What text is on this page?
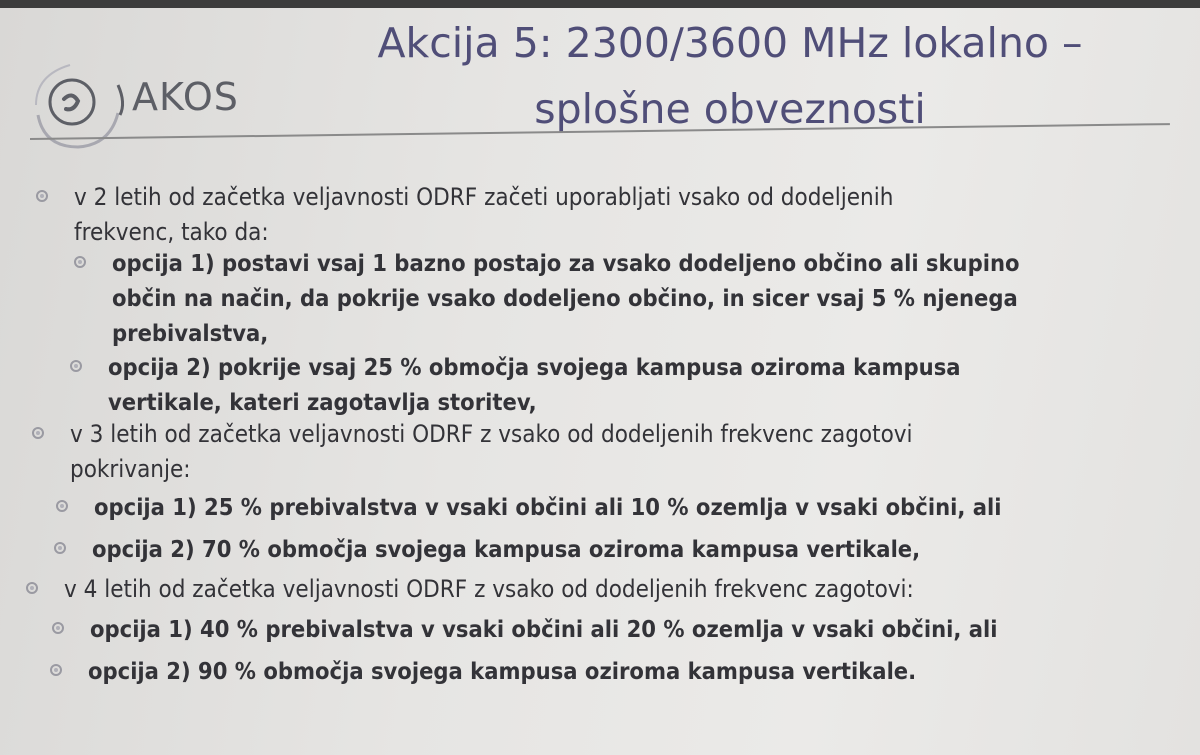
AKOS
Akcija 5: 2300/3600 MHz lokalno –
splošne obveznosti
v 2 letih od začetka veljavnosti ODRF začeti uporabljati vsako od dodeljenih
frekvenc, tako da:
opcija 1) postavi vsaj 1 bazno postajo za vsako dodeljeno občino ali skupino
občin na način, da pokrije vsako dodeljeno občino, in sicer vsaj 5 % njenega
prebivalstva,
opcija 2) pokrije vsaj 25 % območja svojega kampusa oziroma kampusa
vertikale, kateri zagotavlja storitev,
v 3 letih od začetka veljavnosti ODRF z vsako od dodeljenih frekvenc zagotovi
pokrivanje:
opcija 1) 25 % prebivalstva v vsaki občini ali 10 % ozemlja v vsaki občini, ali
opcija 2) 70 % območja svojega kampusa oziroma kampusa vertikale,
v 4 letih od začetka veljavnosti ODRF z vsako od dodeljenih frekvenc zagotovi:
opcija 1) 40 % prebivalstva v vsaki občini ali 20 % ozemlja v vsaki občini, ali
opcija 2) 90 % območja svojega kampusa oziroma kampusa vertikale.
